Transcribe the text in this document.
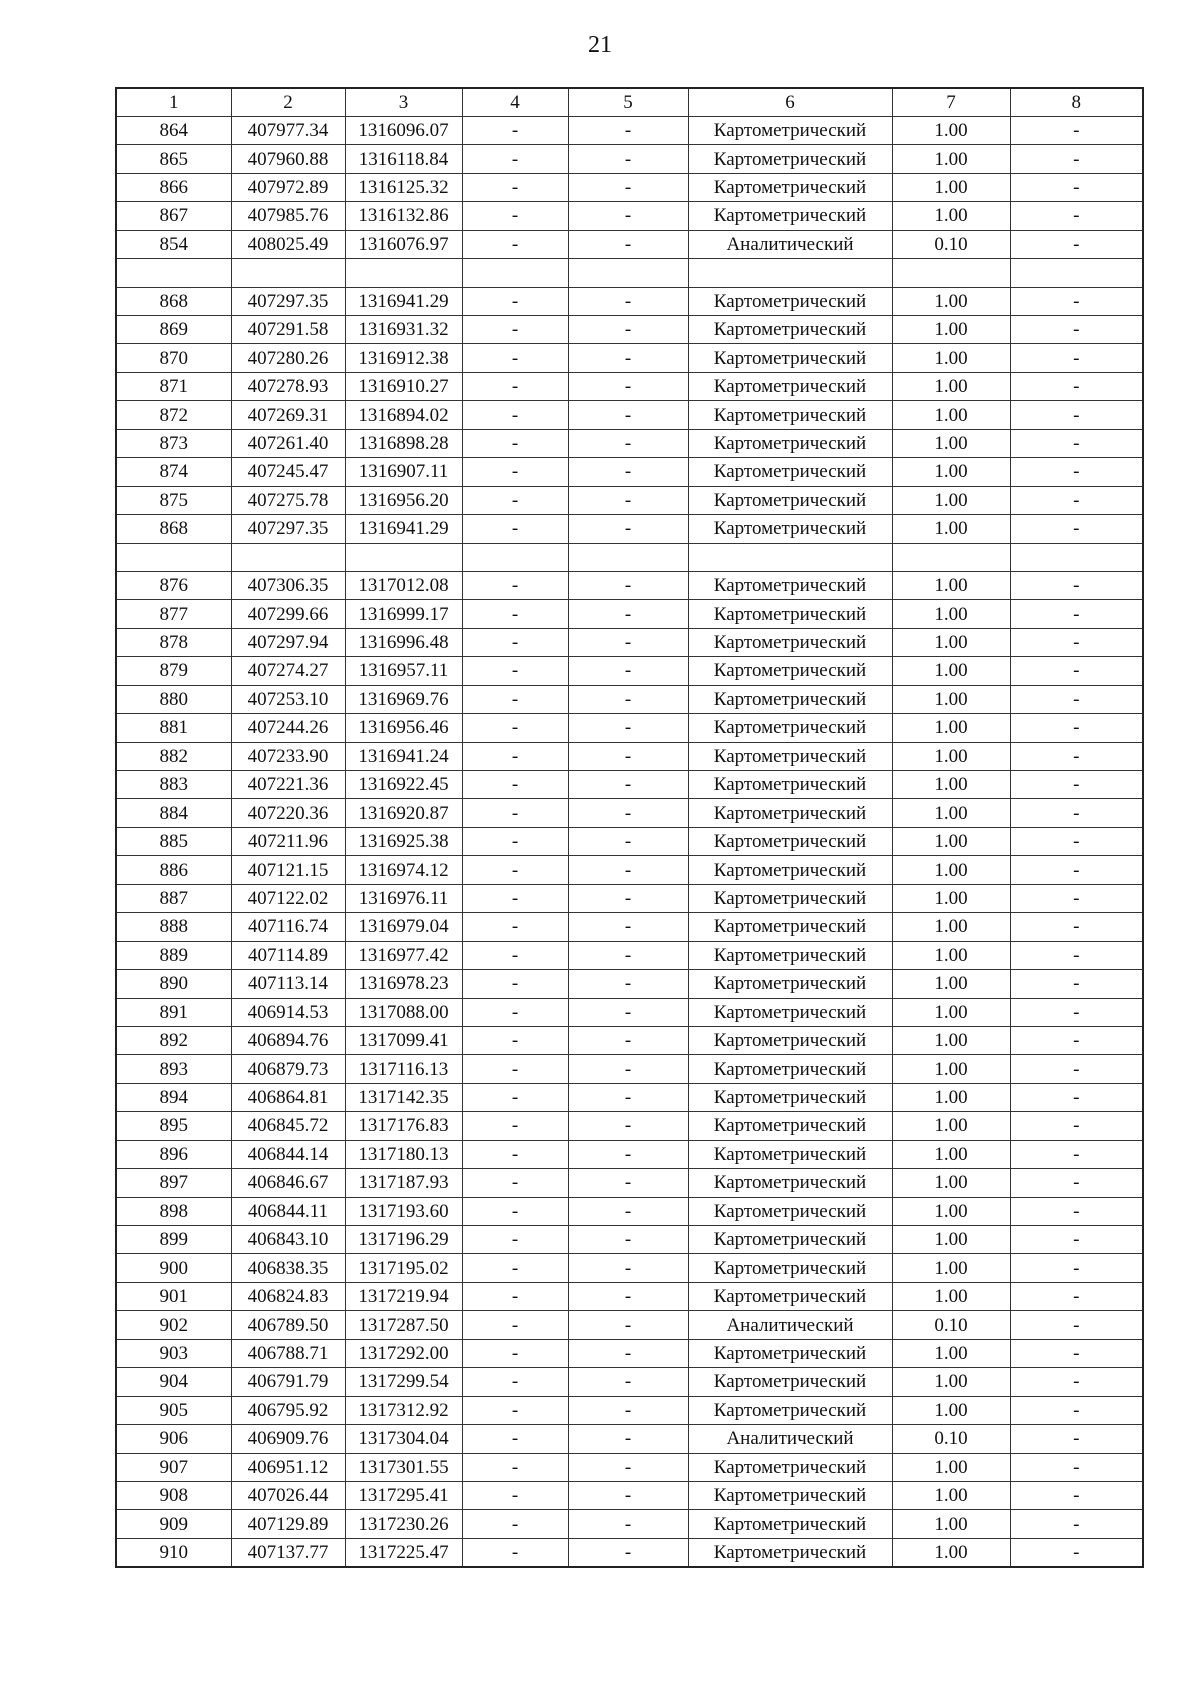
21
1	2	3	4	5	6	7	8
864	407977.34	1316096.07	-	-	Картометрический	1.00	-
865	407960.88	1316118.84	-	-	Картометрический	1.00	-
866	407972.89	1316125.32	-	-	Картометрический	1.00	-
867	407985.76	1316132.86	-	-	Картометрический	1.00	-
854	408025.49	1316076.97	-	-	Аналитический	0.10	-

868	407297.35	1316941.29	-	-	Картометрический	1.00	-
869	407291.58	1316931.32	-	-	Картометрический	1.00	-
870	407280.26	1316912.38	-	-	Картометрический	1.00	-
871	407278.93	1316910.27	-	-	Картометрический	1.00	-
872	407269.31	1316894.02	-	-	Картометрический	1.00	-
873	407261.40	1316898.28	-	-	Картометрический	1.00	-
874	407245.47	1316907.11	-	-	Картометрический	1.00	-
875	407275.78	1316956.20	-	-	Картометрический	1.00	-
868	407297.35	1316941.29	-	-	Картометрический	1.00	-

876	407306.35	1317012.08	-	-	Картометрический	1.00	-
877	407299.66	1316999.17	-	-	Картометрический	1.00	-
878	407297.94	1316996.48	-	-	Картометрический	1.00	-
879	407274.27	1316957.11	-	-	Картометрический	1.00	-
880	407253.10	1316969.76	-	-	Картометрический	1.00	-
881	407244.26	1316956.46	-	-	Картометрический	1.00	-
882	407233.90	1316941.24	-	-	Картометрический	1.00	-
883	407221.36	1316922.45	-	-	Картометрический	1.00	-
884	407220.36	1316920.87	-	-	Картометрический	1.00	-
885	407211.96	1316925.38	-	-	Картометрический	1.00	-
886	407121.15	1316974.12	-	-	Картометрический	1.00	-
887	407122.02	1316976.11	-	-	Картометрический	1.00	-
888	407116.74	1316979.04	-	-	Картометрический	1.00	-
889	407114.89	1316977.42	-	-	Картометрический	1.00	-
890	407113.14	1316978.23	-	-	Картометрический	1.00	-
891	406914.53	1317088.00	-	-	Картометрический	1.00	-
892	406894.76	1317099.41	-	-	Картометрический	1.00	-
893	406879.73	1317116.13	-	-	Картометрический	1.00	-
894	406864.81	1317142.35	-	-	Картометрический	1.00	-
895	406845.72	1317176.83	-	-	Картометрический	1.00	-
896	406844.14	1317180.13	-	-	Картометрический	1.00	-
897	406846.67	1317187.93	-	-	Картометрический	1.00	-
898	406844.11	1317193.60	-	-	Картометрический	1.00	-
899	406843.10	1317196.29	-	-	Картометрический	1.00	-
900	406838.35	1317195.02	-	-	Картометрический	1.00	-
901	406824.83	1317219.94	-	-	Картометрический	1.00	-
902	406789.50	1317287.50	-	-	Аналитический	0.10	-
903	406788.71	1317292.00	-	-	Картометрический	1.00	-
904	406791.79	1317299.54	-	-	Картометрический	1.00	-
905	406795.92	1317312.92	-	-	Картометрический	1.00	-
906	406909.76	1317304.04	-	-	Аналитический	0.10	-
907	406951.12	1317301.55	-	-	Картометрический	1.00	-
908	407026.44	1317295.41	-	-	Картометрический	1.00	-
909	407129.89	1317230.26	-	-	Картометрический	1.00	-
910	407137.77	1317225.47	-	-	Картометрический	1.00	-
